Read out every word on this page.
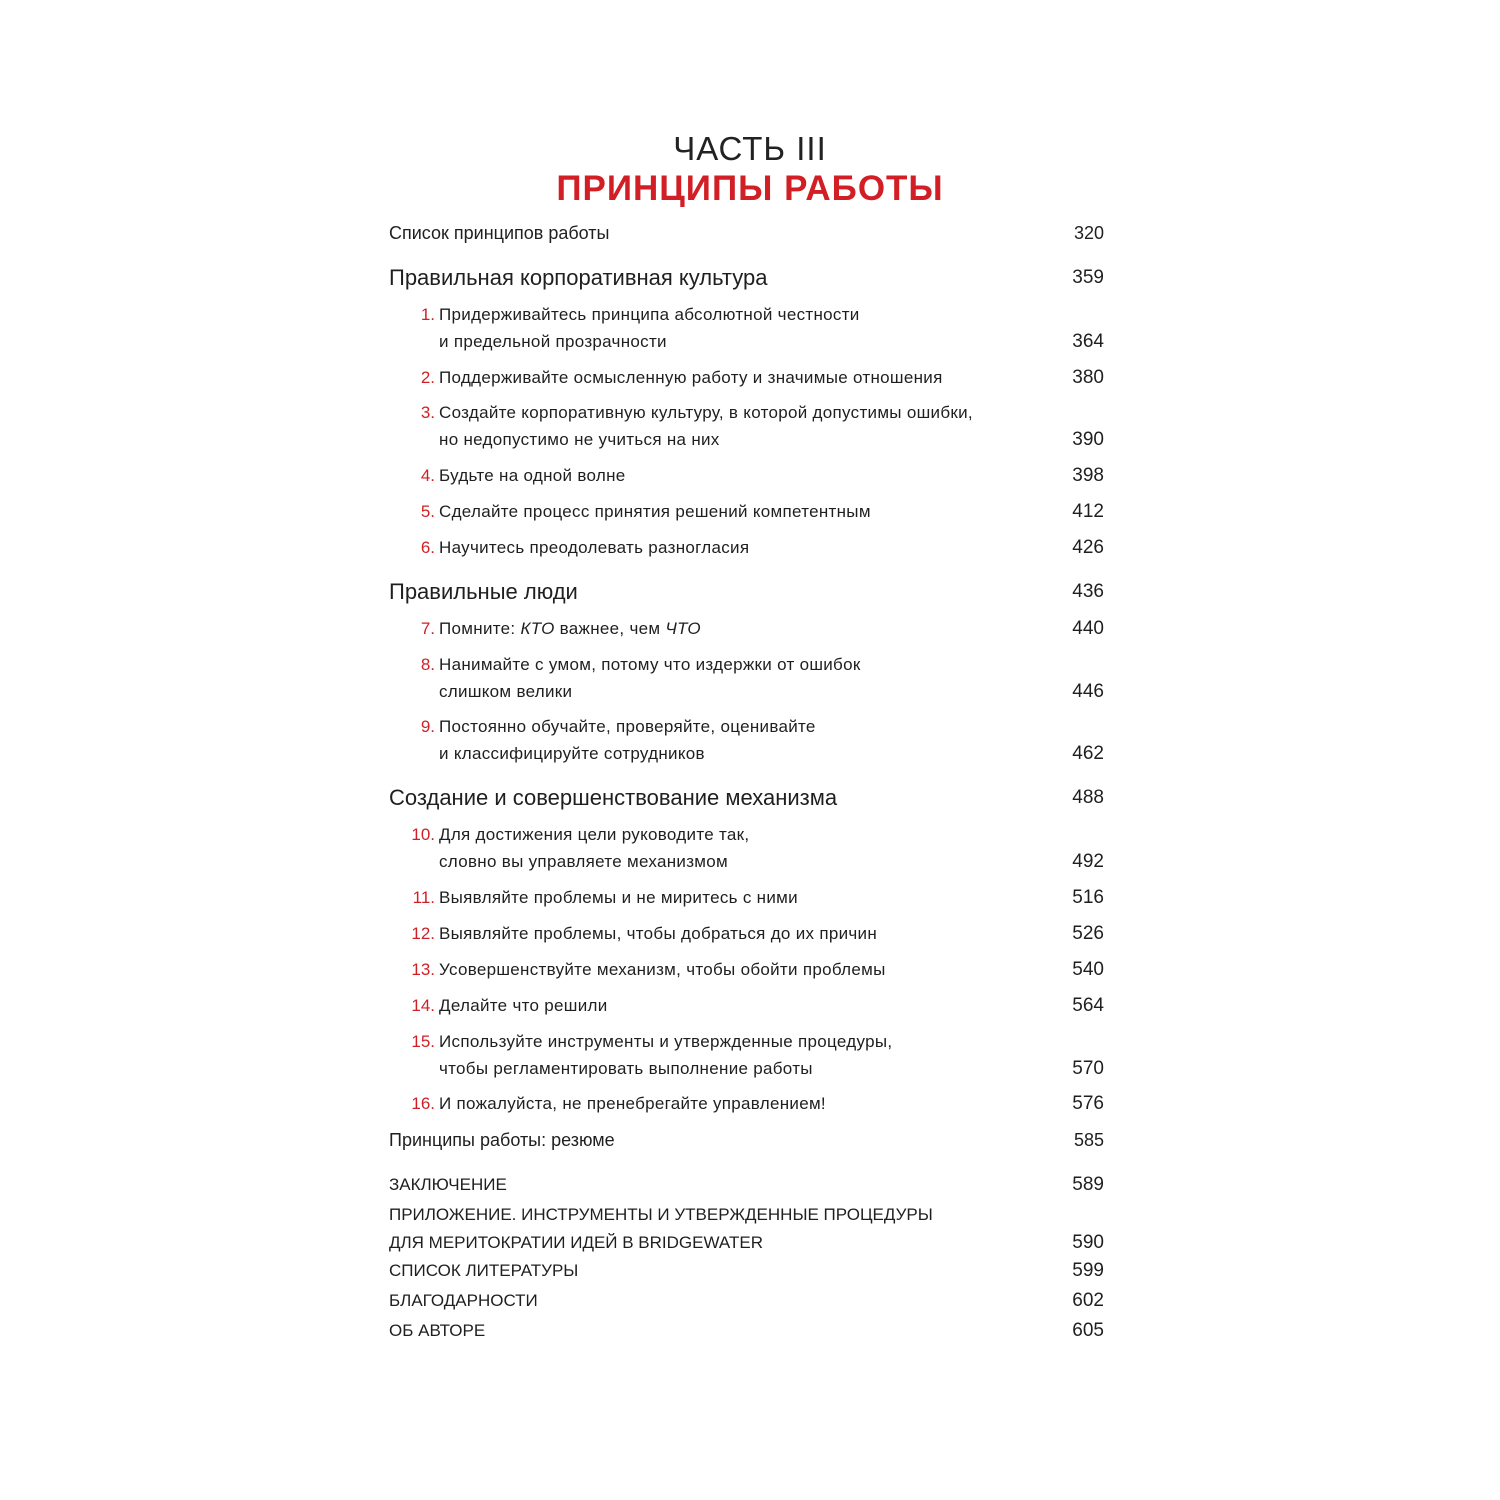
ЧАСТЬ III
ПРИНЦИПЫ РАБОТЫ
Список принципов работы	320
Правильная корпоративная культура	359
1. Придерживайтесь принципа абсолютной честности
и предельной прозрачности	364
2. Поддерживайте осмысленную работу и значимые отношения	380
3. Создайте корпоративную культуру, в которой допустимы ошибки,
но недопустимо не учиться на них	390
4. Будьте на одной волне	398
5. Сделайте процесс принятия решений компетентным	412
6. Научитесь преодолевать разногласия	426
Правильные люди	436
7. Помните: КТО важнее, чем ЧТО	440
8. Нанимайте с умом, потому что издержки от ошибок
слишком велики	446
9. Постоянно обучайте, проверяйте, оценивайте
и классифицируйте сотрудников	462
Создание и совершенствование механизма	488
10. Для достижения цели руководите так,
словно вы управляете механизмом	492
11. Выявляйте проблемы и не миритесь с ними	516
12. Выявляйте проблемы, чтобы добраться до их причин	526
13. Усовершенствуйте механизм, чтобы обойти проблемы	540
14. Делайте что решили	564
15. Используйте инструменты и утвержденные процедуры,
чтобы регламентировать выполнение работы	570
16. И пожалуйста, не пренебрегайте управлением!	576
Принципы работы: резюме	585
ЗАКЛЮЧЕНИЕ	589
ПРИЛОЖЕНИЕ. ИНСТРУМЕНТЫ И УТВЕРЖДЕННЫЕ ПРОЦЕДУРЫ
ДЛЯ МЕРИТОКРАТИИ ИДЕЙ В BRIDGEWATER	590
СПИСОК ЛИТЕРАТУРЫ	599
БЛАГОДАРНОСТИ	602
ОБ АВТОРЕ	605
